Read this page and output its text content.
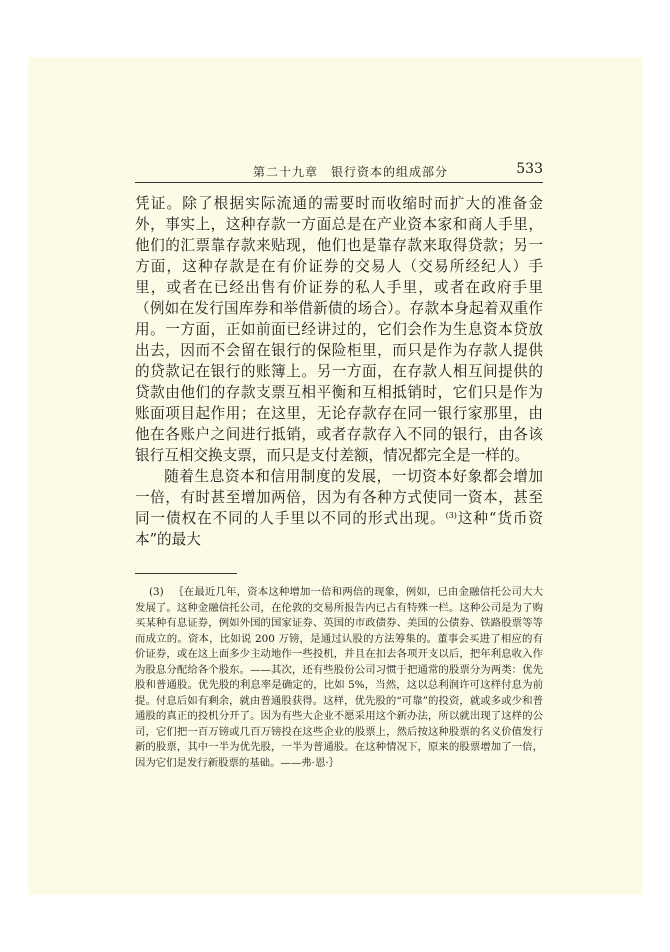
第二十九章　银行资本的组成部分	533

凭证。除了根据实际流通的需要时而收缩时而扩大的准备金外，事实上，这种存款一方面总是在产业资本家和商人手里，他们的汇票靠存款来贴现，他们也是靠存款来取得贷款；另一方面，这种存款是在有价证券的交易人（交易所经纪人）手里，或者在已经出售有价证券的私人手里，或者在政府手里（例如在发行国库券和举借新债的场合）。存款本身起着双重作用。一方面，正如前面已经讲过的，它们会作为生息资本贷放出去，因而不会留在银行的保险柜里，而只是作为存款人提供的贷款记在银行的账簿上。另一方面，在存款人相互间提供的贷款由他们的存款支票互相平衡和互相抵销时，它们只是作为账面项目起作用；在这里，无论存款存在同一银行家那里，由他在各账户之间进行抵销，或者存款存入不同的银行，由各该银行互相交换支票，而只是支付差额，情况都完全是一样的。

随着生息资本和信用制度的发展，一切资本好象都会增加一倍，有时甚至增加两倍，因为有各种方式使同一资本，甚至同一债权在不同的人手里以不同的形式出现。$^{(3)}$这种“货币资本”的最大

(3) ｛在最近几年，资本这种增加一倍和两倍的现象，例如，已由金融信托公司大大发展了。这种金融信托公司，在伦敦的交易所报告内已占有特殊一栏。这种公司是为了购买某种有息证券，例如外国的国家证券、英国的市政债券、美国的公债券、铁路股票等等而成立的。资本，比如说 200 万镑，是通过认股的方法筹集的。董事会买进了相应的有价证券，或在这上面多少主动地作一些投机，并且在扣去各项开支以后，把年利息收入作为股息分配给各个股东。——其次，还有些股份公司习惯于把通常的股票分为两类：优先股和普通股。优先股的利息率是确定的，比如 5%，当然，这以总利润许可这样付息为前提。付息后如有剩余，就由普通股获得。这样，优先股的“可靠”的投资，就或多或少和普通股的真正的投机分开了。因为有些大企业不愿采用这个新办法，所以就出现了这样的公司，它们把一百万镑或几百万镑投在这些企业的股票上，然后按这种股票的名义价值发行新的股票，其中一半为优先股，一半为普通股。在这种情况下，原来的股票增加了一倍，因为它们是发行新股票的基础。——弗·恩·｝
